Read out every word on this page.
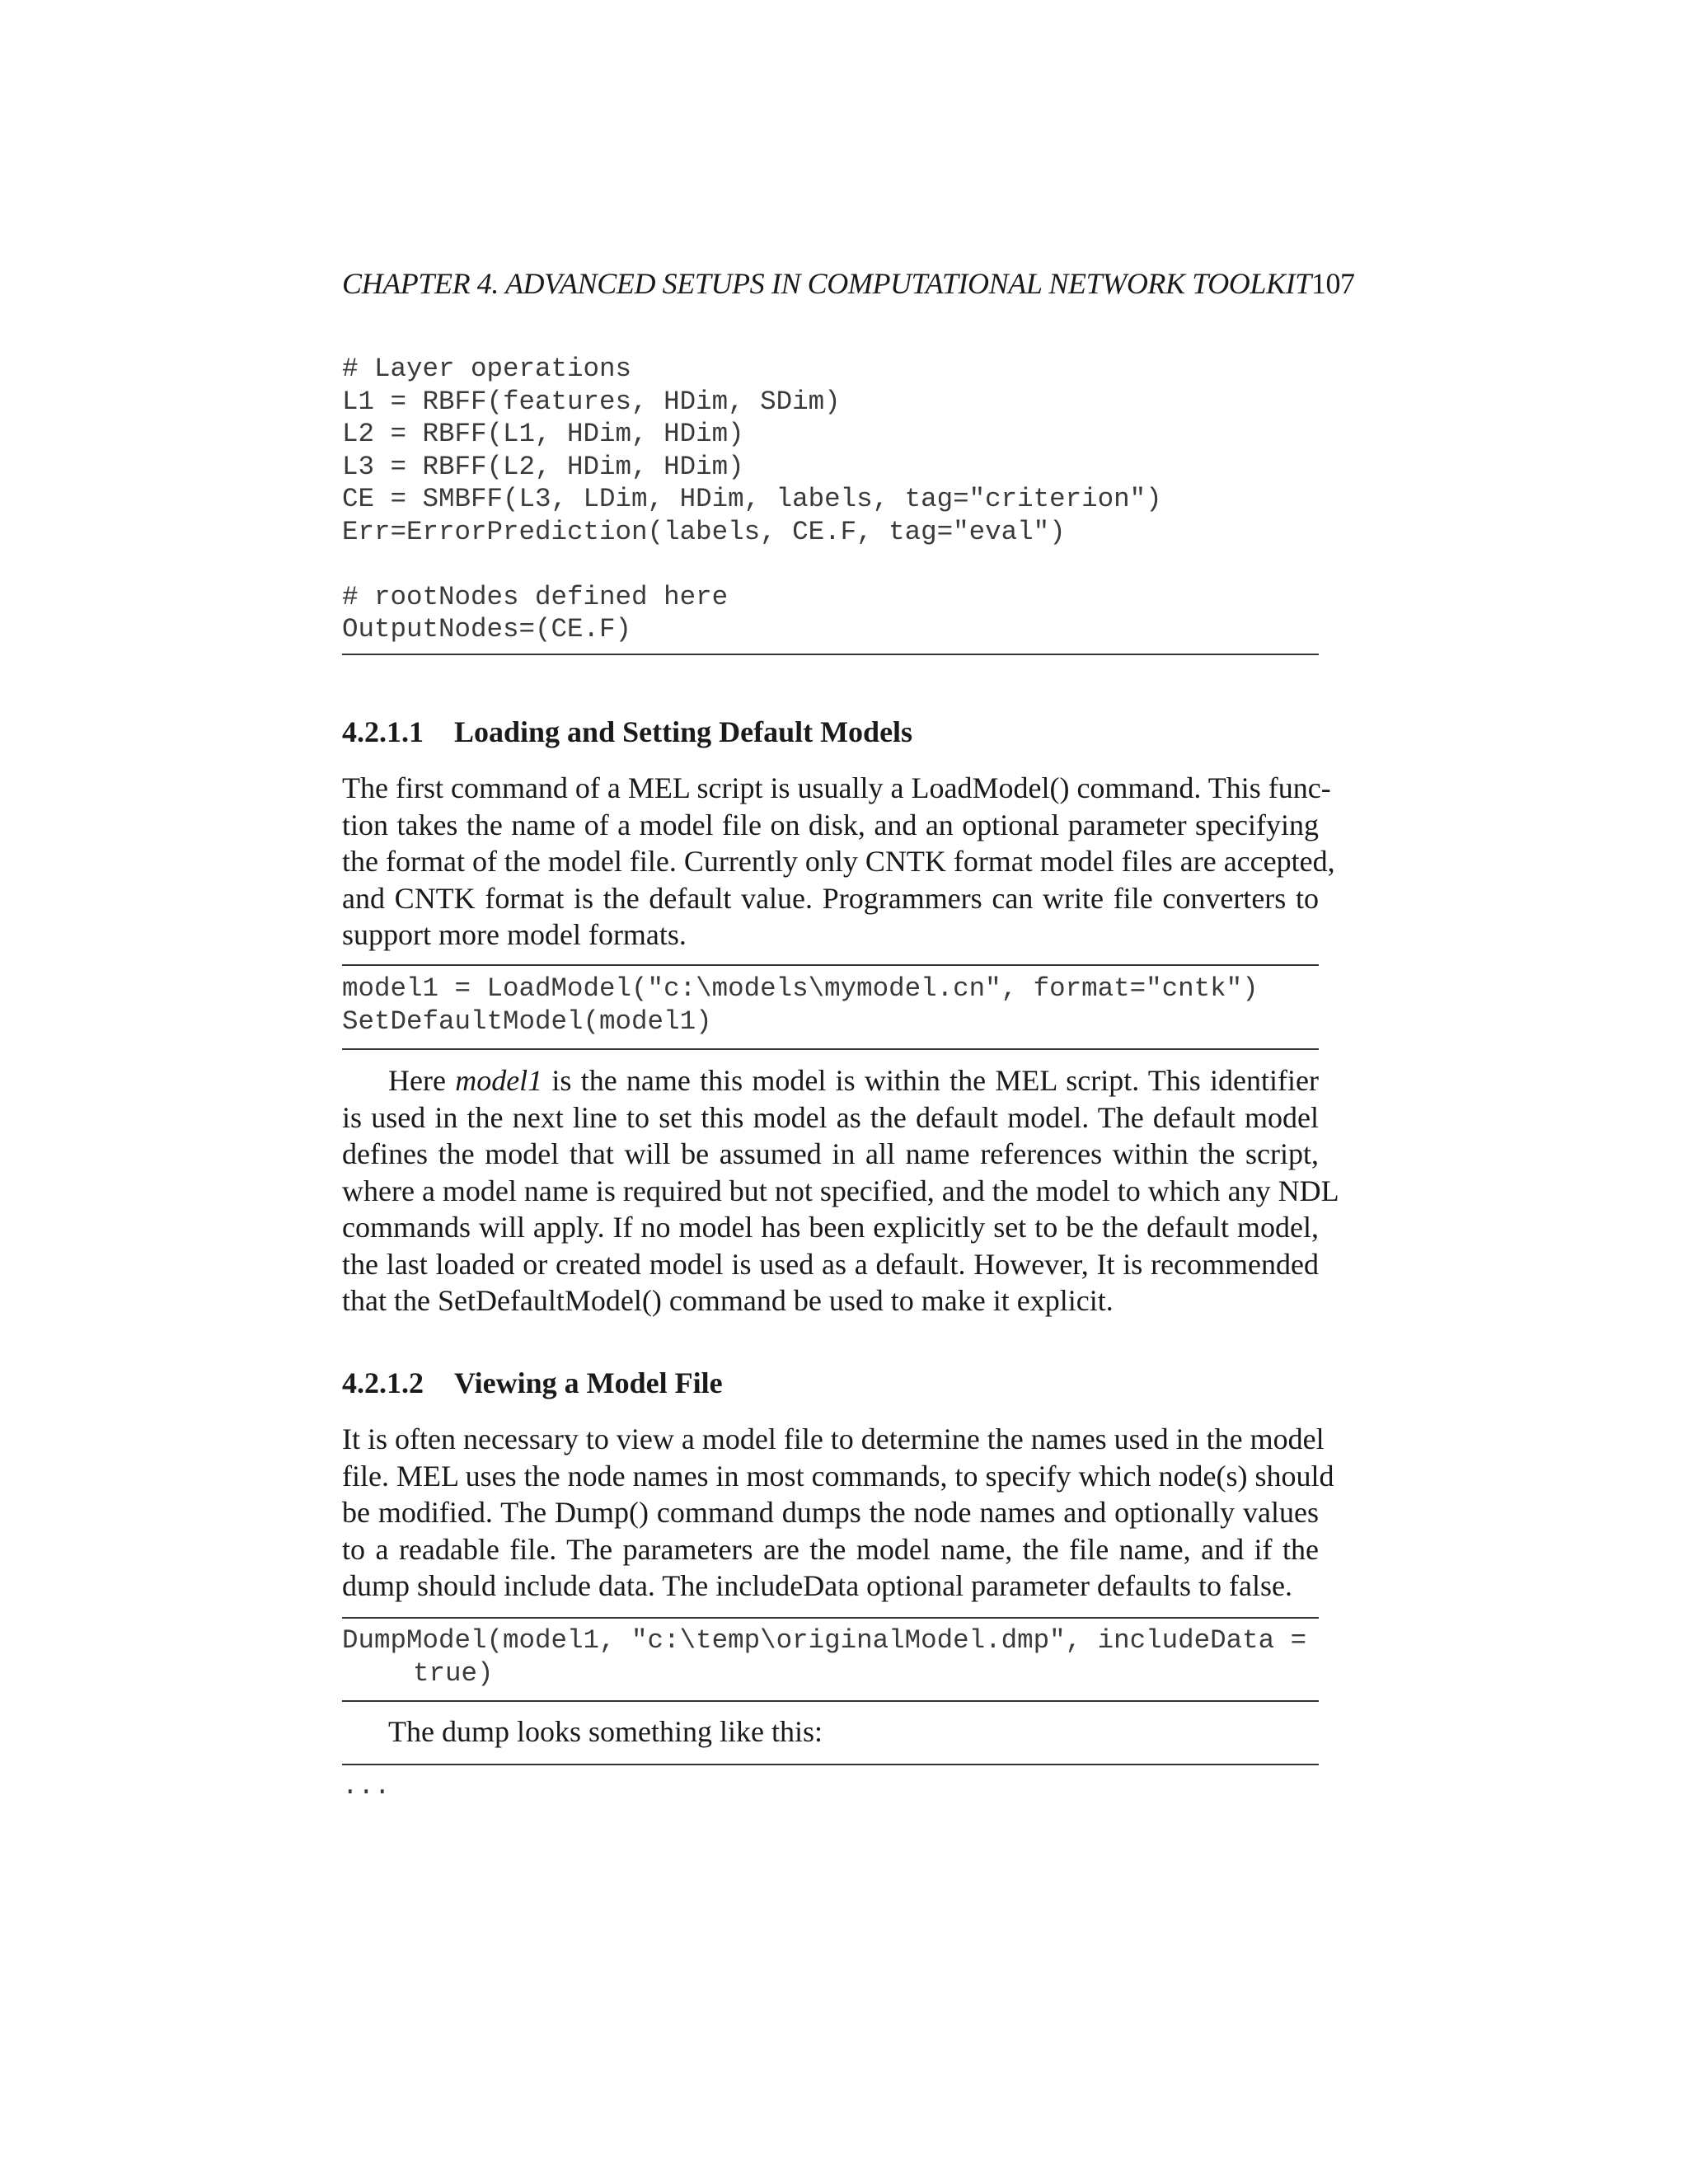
CHAPTER 4. ADVANCED SETUPS IN COMPUTATIONAL NETWORK TOOLKIT107
# Layer operations
L1 = RBFF(features, HDim, SDim)
L2 = RBFF(L1, HDim, HDim)
L3 = RBFF(L2, HDim, HDim)
CE = SMBFF(L3, LDim, HDim, labels, tag="criterion")
Err=ErrorPrediction(labels, CE.F, tag="eval")

# rootNodes defined here
OutputNodes=(CE.F)
4.2.1.1 Loading and Setting Default Models
The first command of a MEL script is usually a LoadModel() command. This func-
tion takes the name of a model file on disk, and an optional parameter specifying
the format of the model file. Currently only CNTK format model files are accepted,
and CNTK format is the default value. Programmers can write file converters to
support more model formats.
model1 = LoadModel("c:\models\mymodel.cn", format="cntk")
SetDefaultModel(model1)
Here model1 is the name this model is within the MEL script. This identifier
is used in the next line to set this model as the default model. The default model
defines the model that will be assumed in all name references within the script,
where a model name is required but not specified, and the model to which any NDL
commands will apply. If no model has been explicitly set to be the default model,
the last loaded or created model is used as a default. However, It is recommended
that the SetDefaultModel() command be used to make it explicit.
4.2.1.2 Viewing a Model File
It is often necessary to view a model file to determine the names used in the model
file. MEL uses the node names in most commands, to specify which node(s) should
be modified. The Dump() command dumps the node names and optionally values
to a readable file. The parameters are the model name, the file name, and if the
dump should include data. The includeData optional parameter defaults to false.
DumpModel(model1, "c:\temp\originalModel.dmp", includeData =
true)
The dump looks something like this:
...
